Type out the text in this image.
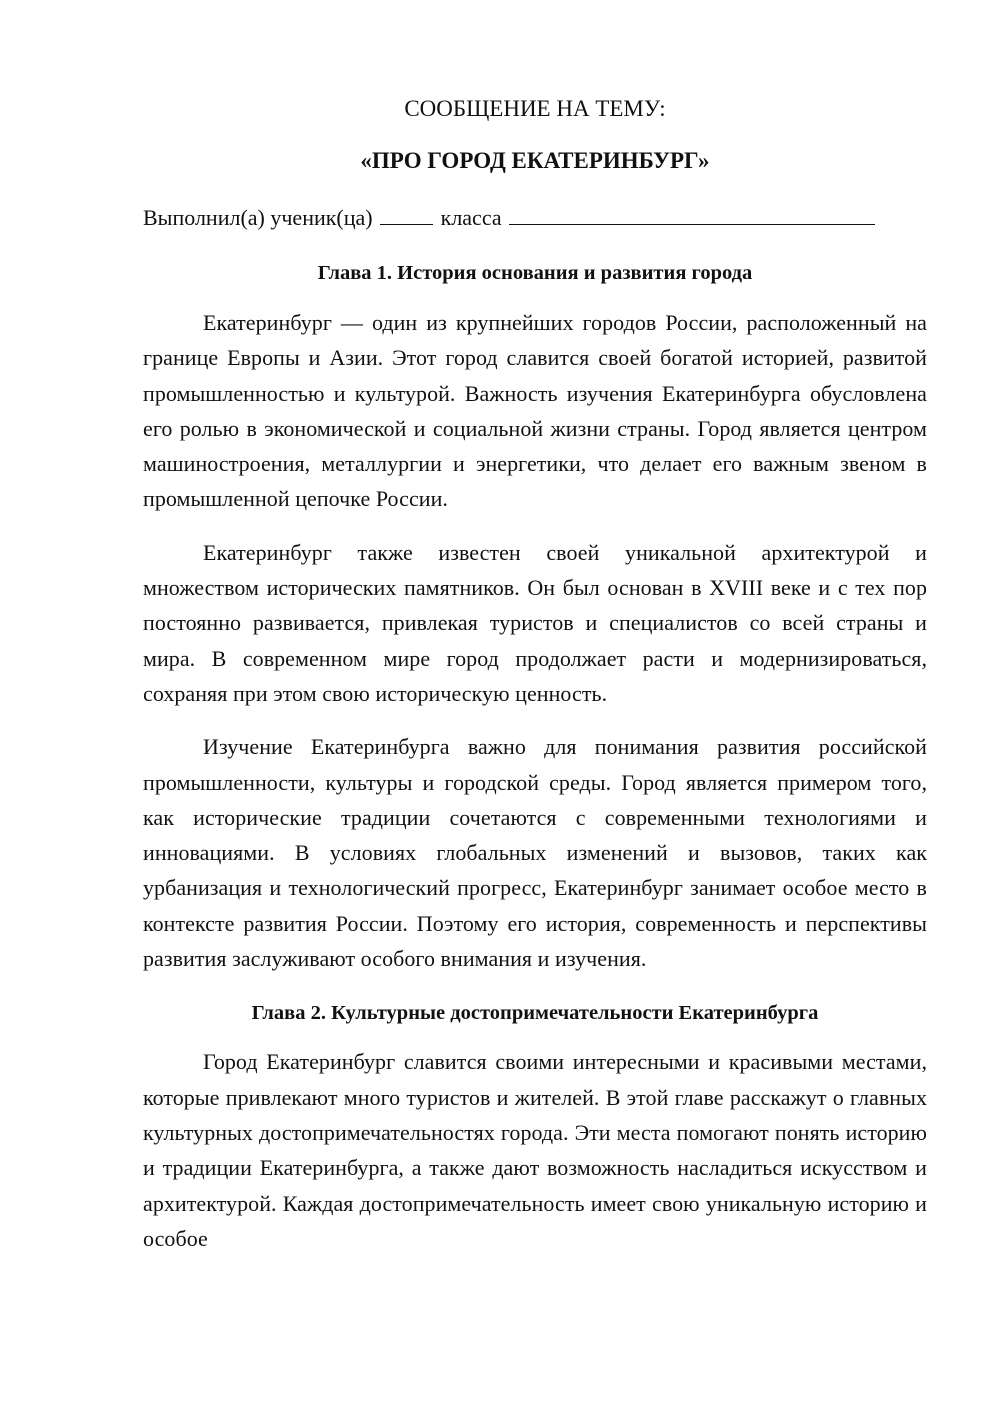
СООБЩЕНИЕ НА ТЕМУ:

«ПРО ГОРОД ЕКАТЕРИНБУРГ»

Выполнил(а) ученик(ца)	класса
Глава 1. История основания и развития города

Екатеринбург — один из крупнейших городов России, расположенный на границе Европы и Азии. Этот город славится своей богатой историей, развитой промышленностью и культурой. Важность изучения Екатеринбурга обусловлена его ролью в экономической и социальной жизни страны. Город является центром машиностроения, металлургии и энергетики, что делает его важным звеном в промышленной цепочке России.

Екатеринбург также известен своей уникальной архитектурой и множеством исторических памятников. Он был основан в XVIII веке и с тех пор постоянно развивается, привлекая туристов и специалистов со всей страны и мира. В современном мире город продолжает расти и модернизироваться, сохраняя при этом свою историческую ценность.

Изучение Екатеринбурга важно для понимания развития российской промышленности, культуры и городской среды. Город является примером того, как исторические традиции сочетаются с современными технологиями и инновациями. В условиях глобальных изменений и вызовов, таких как урбанизация и технологический прогресс, Екатеринбург занимает особое место в контексте развития России. Поэтому его история, современность и перспективы развития заслуживают особого внимания и изучения.

Глава 2. Культурные достопримечательности Екатеринбурга

Город Екатеринбург славится своими интересными и красивыми местами, которые привлекают много туристов и жителей. В этой главе расскажут о главных культурных достопримечательностях города. Эти места помогают понять историю и традиции Екатеринбурга, а также дают возможность насладиться искусством и архитектурой. Каждая достопримечательность имеет свою уникальную историю и особое
